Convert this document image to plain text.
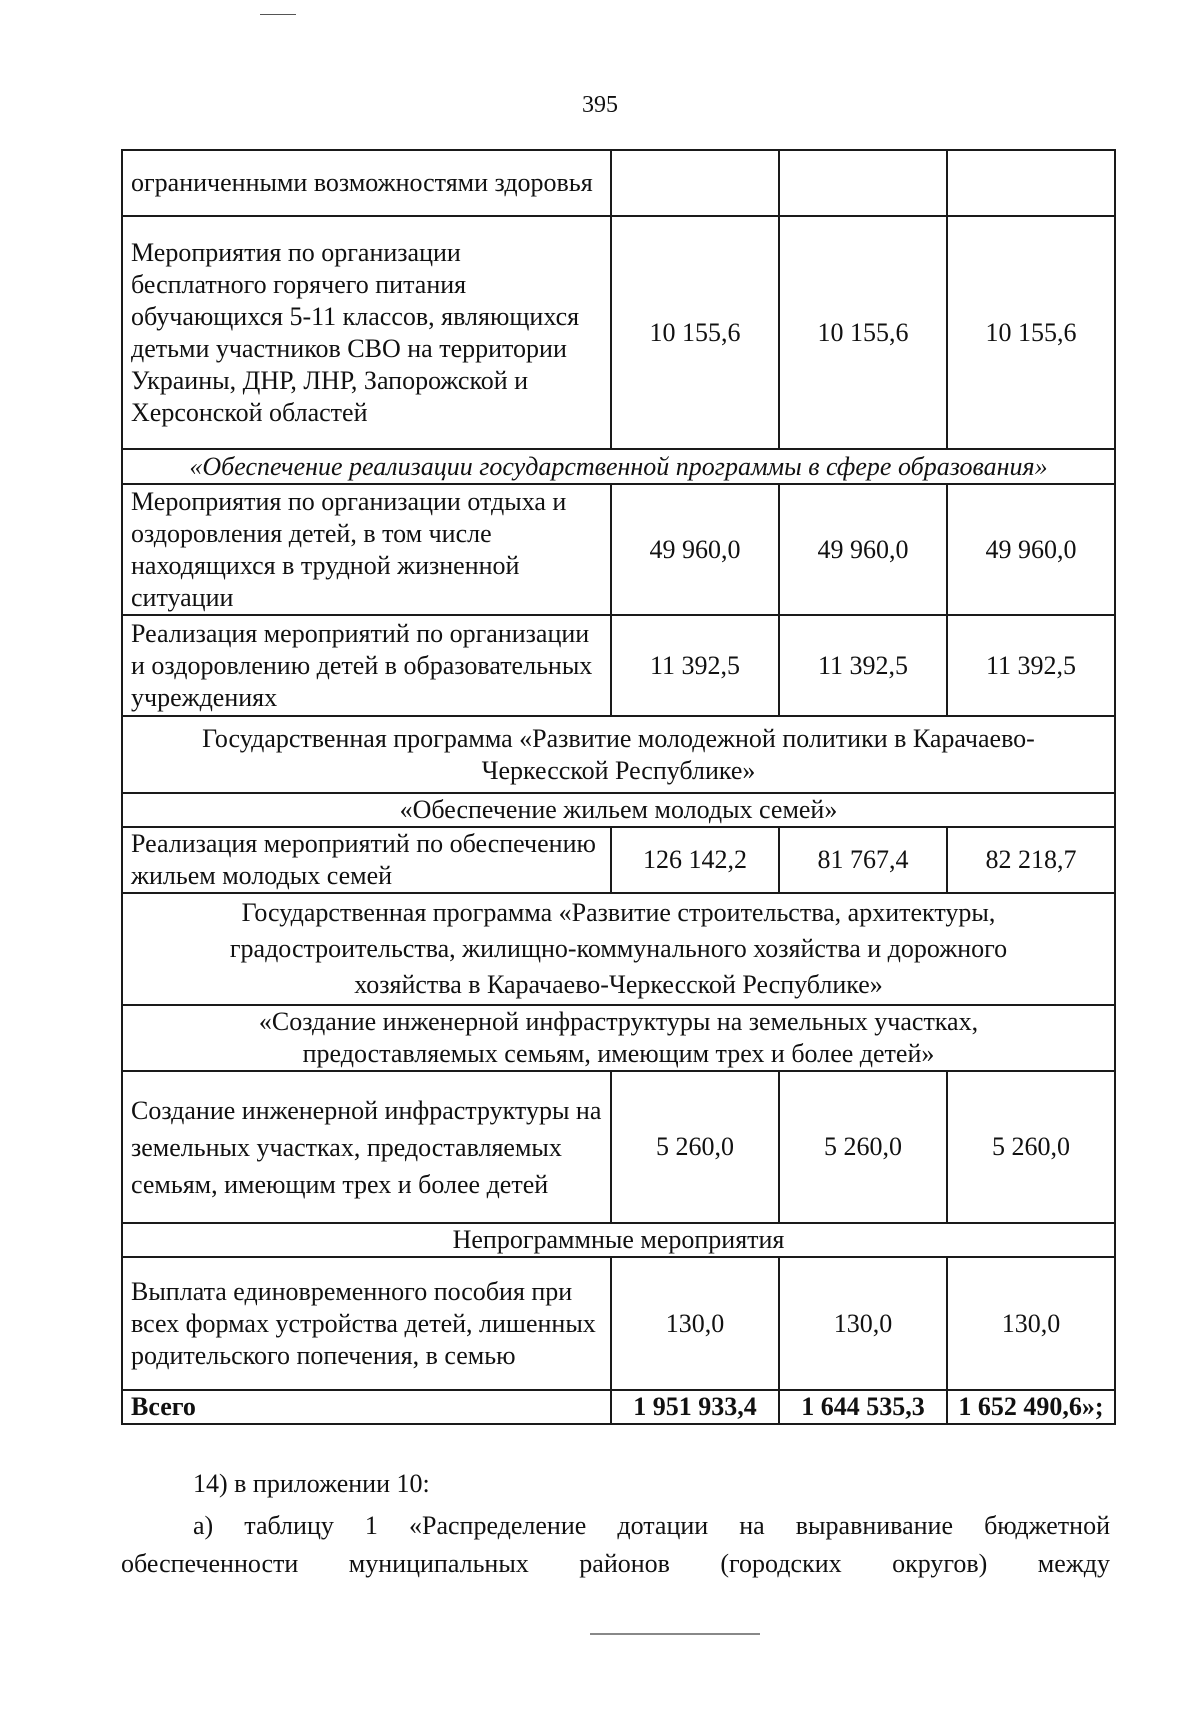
395
ограниченными возможностями здоровья			
Мероприятия по организации бесплатного горячего питания обучающихся 5-11 классов, являющихся детьми участников СВО на территории Украины, ДНР, ЛНР, Запорожской и Херсонской областей	10 155,6	10 155,6	10 155,6
«Обеспечение реализации государственной программы в сфере образования»			
Мероприятия по организации отдыха и оздоровления детей, в том числе находящихся в трудной жизненной ситуации	49 960,0	49 960,0	49 960,0
Реализация мероприятий по организации и оздоровлению детей в образовательных учреждениях	11 392,5	11 392,5	11 392,5
Государственная программа «Развитие молодежной политики в Карачаево-Черкесской Республике»			
«Обеспечение жильем молодых семей»			
Реализация мероприятий по обеспечению жильем молодых семей	126 142,2	81 767,4	82 218,7
Государственная программа «Развитие строительства, архитектуры, градостроительства, жилищно-коммунального хозяйства и дорожного хозяйства в Карачаево-Черкесской Республике»			
«Создание инженерной инфраструктуры на земельных участках, предоставляемых семьям, имеющим трех и более детей»			
Создание инженерной инфраструктуры на земельных участках, предоставляемых семьям, имеющим трех и более детей	5 260,0	5 260,0	5 260,0
Непрограммные мероприятия			
Выплата единовременного пособия при всех формах устройства детей, лишенных родительского попечения, в семью	130,0	130,0	130,0
Всего	1 951 933,4	1 644 535,3	1 652 490,6»;
14) в приложении 10:
а) таблицу 1 «Распределение дотации на выравнивание бюджетной обеспеченности муниципальных районов (городских округов) между
